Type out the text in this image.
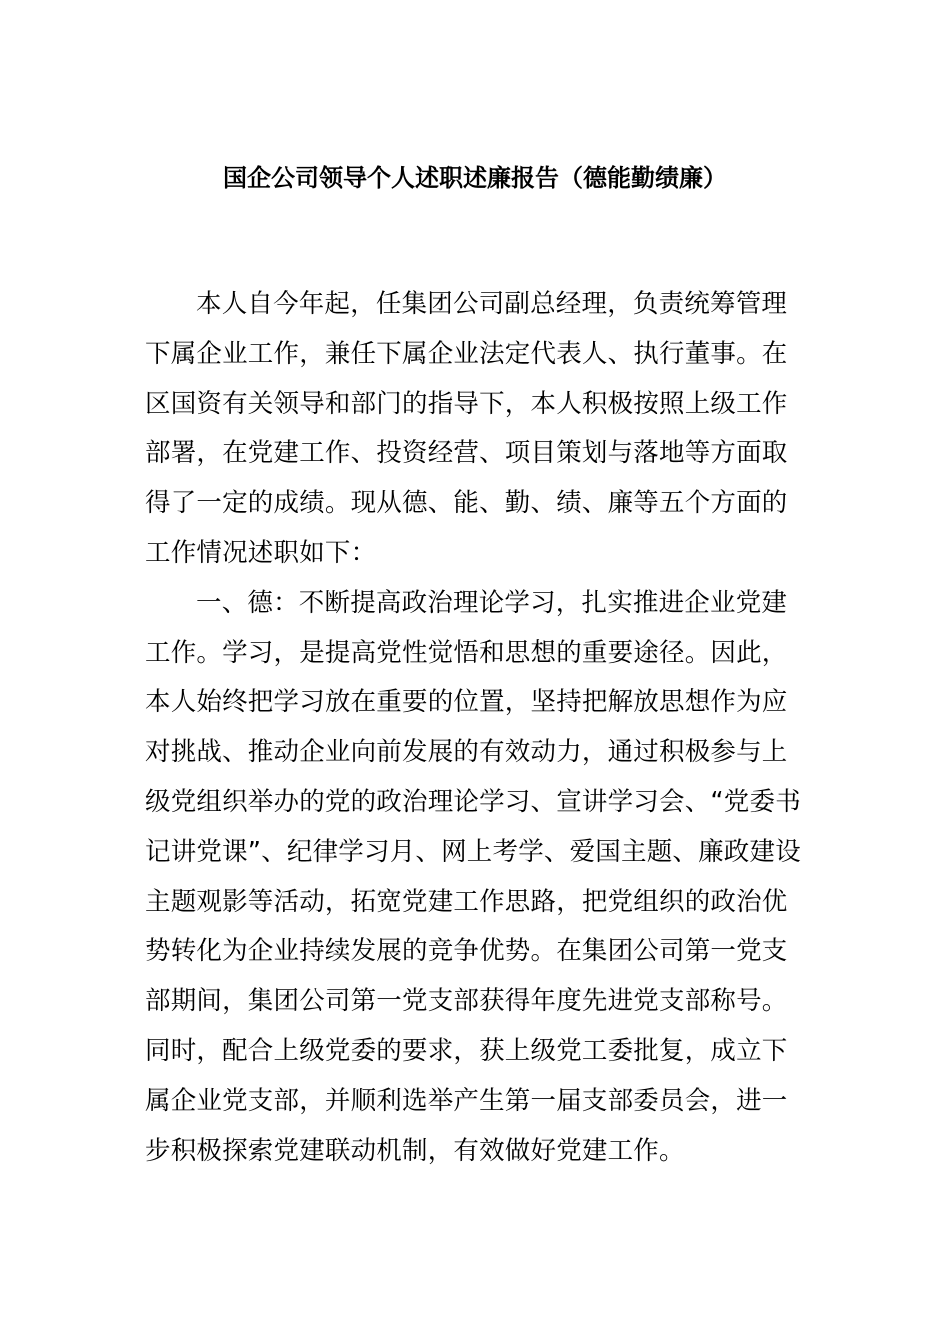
国企公司领导个人述职述廉报告（德能勤绩廉）

本人自今年起，任集团公司副总经理，负责统筹管理
下属企业工作，兼任下属企业法定代表人、执行董事。在
区国资有关领导和部门的指导下，本人积极按照上级工作
部署，在党建工作、投资经营、项目策划与落地等方面取
得了一定的成绩。现从德、能、勤、绩、廉等五个方面的
工作情况述职如下：

一、德：不断提高政治理论学习，扎实推进企业党建
工作。学习，是提高党性觉悟和思想的重要途径。因此，
本人始终把学习放在重要的位置，坚持把解放思想作为应
对挑战、推动企业向前发展的有效动力，通过积极参与上
级党组织举办的党的政治理论学习、宣讲学习会、“党委书
记讲党课”、纪律学习月、网上考学、爱国主题、廉政建设
主题观影等活动，拓宽党建工作思路，把党组织的政治优
势转化为企业持续发展的竞争优势。在集团公司第一党支
部期间，集团公司第一党支部获得年度先进党支部称号。
同时，配合上级党委的要求，获上级党工委批复，成立下
属企业党支部，并顺利选举产生第一届支部委员会，进一
步积极探索党建联动机制，有效做好党建工作。
